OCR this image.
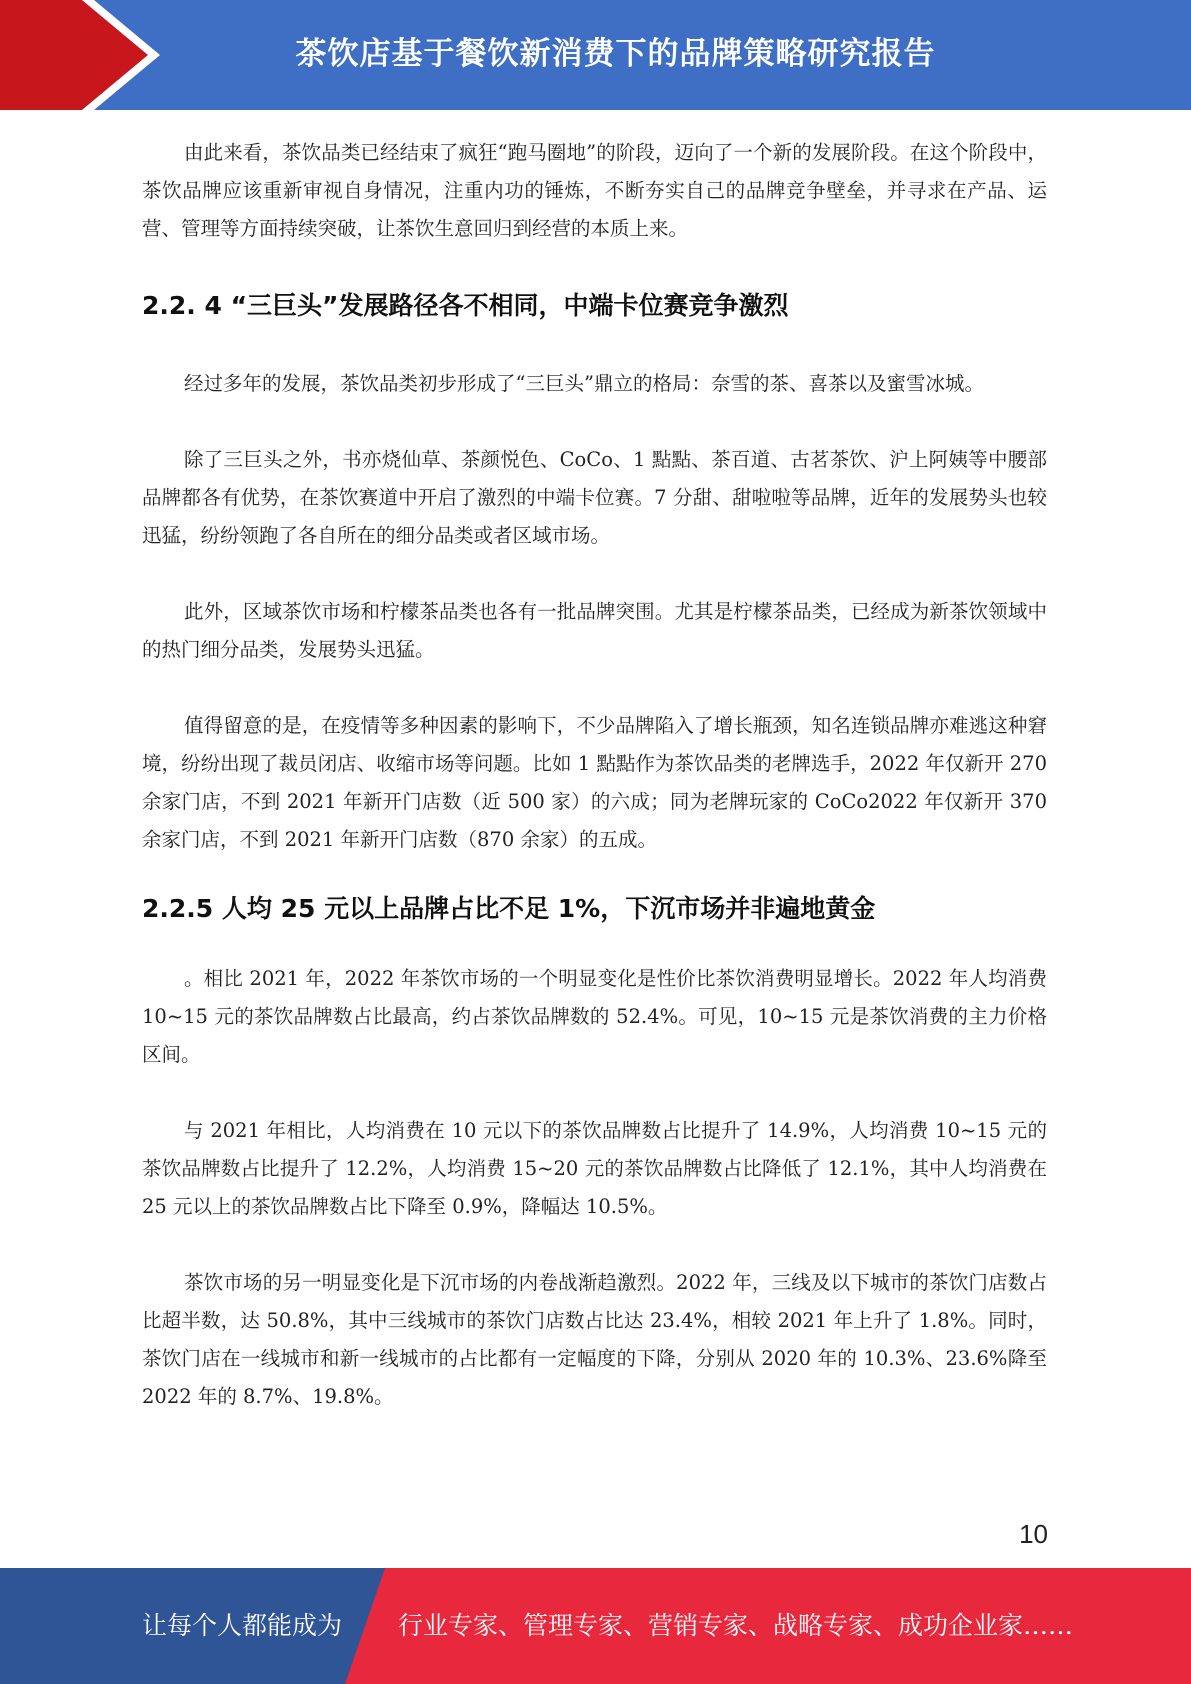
茶饮店基于餐饮新消费下的品牌策略研究报告

由此来看，茶饮品类已经结束了疯狂“跑马圈地”的阶段，迈向了一个新的发展阶段。在这个阶段中，茶饮品牌应该重新审视自身情况，注重内功的锤炼，不断夯实自己的品牌竞争壁垒，并寻求在产品、运营、管理等方面持续突破，让茶饮生意回归到经营的本质上来。

2.2. 4 “三巨头”发展路径各不相同，中端卡位赛竞争激烈

经过多年的发展，茶饮品类初步形成了“三巨头”鼎立的格局：奈雪的茶、喜茶以及蜜雪冰城。

除了三巨头之外，书亦烧仙草、茶颜悦色、CoCo、1 點點、茶百道、古茗茶饮、沪上阿姨等中腰部品牌都各有优势，在茶饮赛道中开启了激烈的中端卡位赛。7 分甜、甜啦啦等品牌，近年的发展势头也较迅猛，纷纷领跑了各自所在的细分品类或者区域市场。

此外，区域茶饮市场和柠檬茶品类也各有一批品牌突围。尤其是柠檬茶品类，已经成为新茶饮领域中的热门细分品类，发展势头迅猛。

值得留意的是，在疫情等多种因素的影响下，不少品牌陷入了增长瓶颈，知名连锁品牌亦难逃这种窘境，纷纷出现了裁员闭店、收缩市场等问题。比如 1 點點作为茶饮品类的老牌选手，2022 年仅新开 270 余家门店，不到 2021 年新开门店数（近 500 家）的六成；同为老牌玩家的 CoCo2022 年仅新开 370 余家门店，不到 2021 年新开门店数（870 余家）的五成。

2.2.5 人均 25 元以上品牌占比不足 1%，下沉市场并非遍地黄金

。相比 2021 年，2022 年茶饮市场的一个明显变化是性价比茶饮消费明显增长。2022 年人均消费 10~15 元的茶饮品牌数占比最高，约占茶饮品牌数的 52.4%。可见，10~15 元是茶饮消费的主力价格区间。

与 2021 年相比，人均消费在 10 元以下的茶饮品牌数占比提升了 14.9%，人均消费 10~15 元的茶饮品牌数占比提升了 12.2%，人均消费 15~20 元的茶饮品牌数占比降低了 12.1%，其中人均消费在 25 元以上的茶饮品牌数占比下降至 0.9%，降幅达 10.5%。

茶饮市场的另一明显变化是下沉市场的内卷战渐趋激烈。2022 年，三线及以下城市的茶饮门店数占比超半数，达 50.8%，其中三线城市的茶饮门店数占比达 23.4%，相较 2021 年上升了 1.8%。同时，茶饮门店在一线城市和新一线城市的占比都有一定幅度的下降，分别从 2020 年的 10.3%、23.6%降至 2022 年的 8.7%、19.8%。

10
让每个人都能成为 行业专家、管理专家、营销专家、战略专家、成功企业家……
